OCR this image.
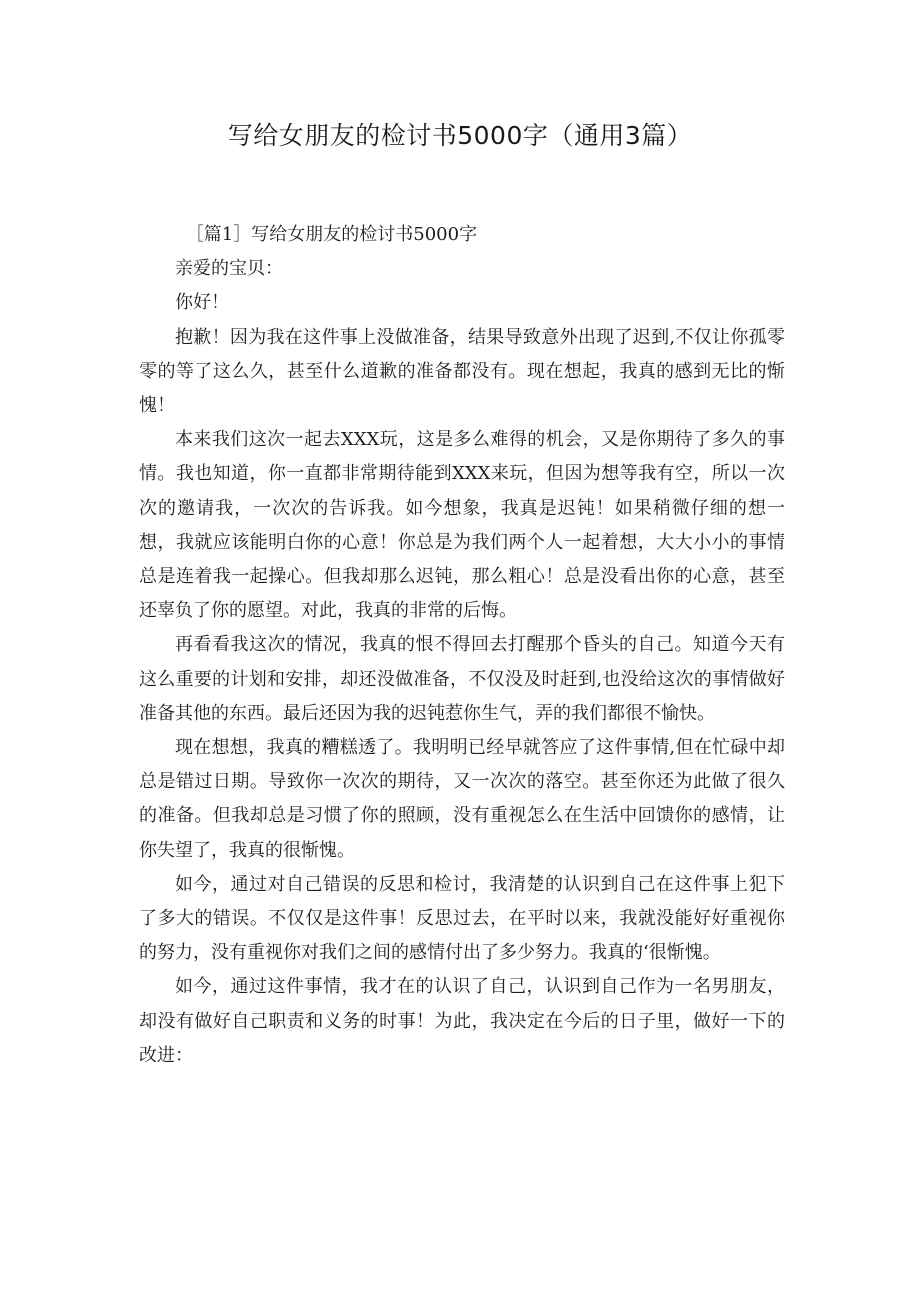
写给女朋友的检讨书5000字（通用3篇）

［篇1］写给女朋友的检讨书5000字

亲爱的宝贝：

你好！

抱歉！因为我在这件事上没做准备，结果导致意外出现了迟到,不仅让你孤零零的等了这么久，甚至什么道歉的准备都没有。现在想起，我真的感到无比的惭愧！

本来我们这次一起去XXX玩，这是多么难得的机会，又是你期待了多久的事情。我也知道，你一直都非常期待能到XXX来玩，但因为想等我有空，所以一次次的邀请我，一次次的告诉我。如今想象，我真是迟钝！如果稍微仔细的想一想，我就应该能明白你的心意！你总是为我们两个人一起着想，大大小小的事情总是连着我一起操心。但我却那么迟钝，那么粗心！总是没看出你的心意，甚至还辜负了你的愿望。对此，我真的非常的后悔。

再看看我这次的情况，我真的恨不得回去打醒那个昏头的自己。知道今天有这么重要的计划和安排，却还没做准备，不仅没及时赶到,也没给这次的事情做好准备其他的东西。最后还因为我的迟钝惹你生气，弄的我们都很不愉快。

现在想想，我真的糟糕透了。我明明已经早就答应了这件事情,但在忙碌中却总是错过日期。导致你一次次的期待，又一次次的落空。甚至你还为此做了很久的准备。但我却总是习惯了你的照顾，没有重视怎么在生活中回馈你的感情，让你失望了，我真的很惭愧。

如今，通过对自己错误的反思和检讨，我清楚的认识到自己在这件事上犯下了多大的错误。不仅仅是这件事！反思过去，在平时以来，我就没能好好重视你的努力，没有重视你对我们之间的感情付出了多少努力。我真的‘很惭愧。

如今，通过这件事情，我才在的认识了自己，认识到自己作为一名男朋友，却没有做好自己职责和义务的时事！为此，我决定在今后的日子里，做好一下的改进：
